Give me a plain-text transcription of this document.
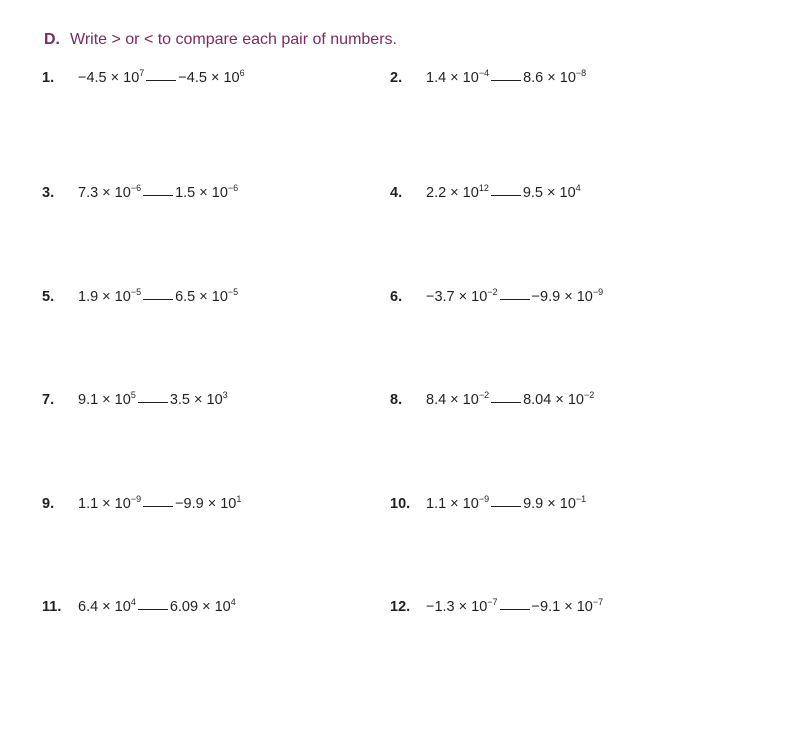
D. Write > or < to compare each pair of numbers.
1. $-4.5 \times 10^7 -4.5 \times 10^6$	2. $1.4 \times 10^{-4}$ $8.6 \times 10^{-8}$
3. $7.3 \times 10^{-6}$ $1.5 \times 10^{-6}$	4. $2.2 \times 10^{12}$ $9.5 \times 10^4$
5. $1.9 \times 10^{-5}$ $6.5 \times 10^{-5}$	6. $-3.7 \times 10^{-2} -9.9 \times 10^{-9}$
7. $9.1 \times 10^5$ $3.5 \times 10^3$	8. $8.4 \times 10^{-2}$ $8.04 \times 10^{-2}$
9. $1.1 \times 10^{-9} -9.9 \times 10^1$	10. $1.1 \times 10^{-9}$ $9.9 \times 10^{-1}$
11. $6.4 \times 10^4$ $6.09 \times 10^4$	12. $-1.3 \times 10^{-7} -9.1 \times 10^{-7}$
